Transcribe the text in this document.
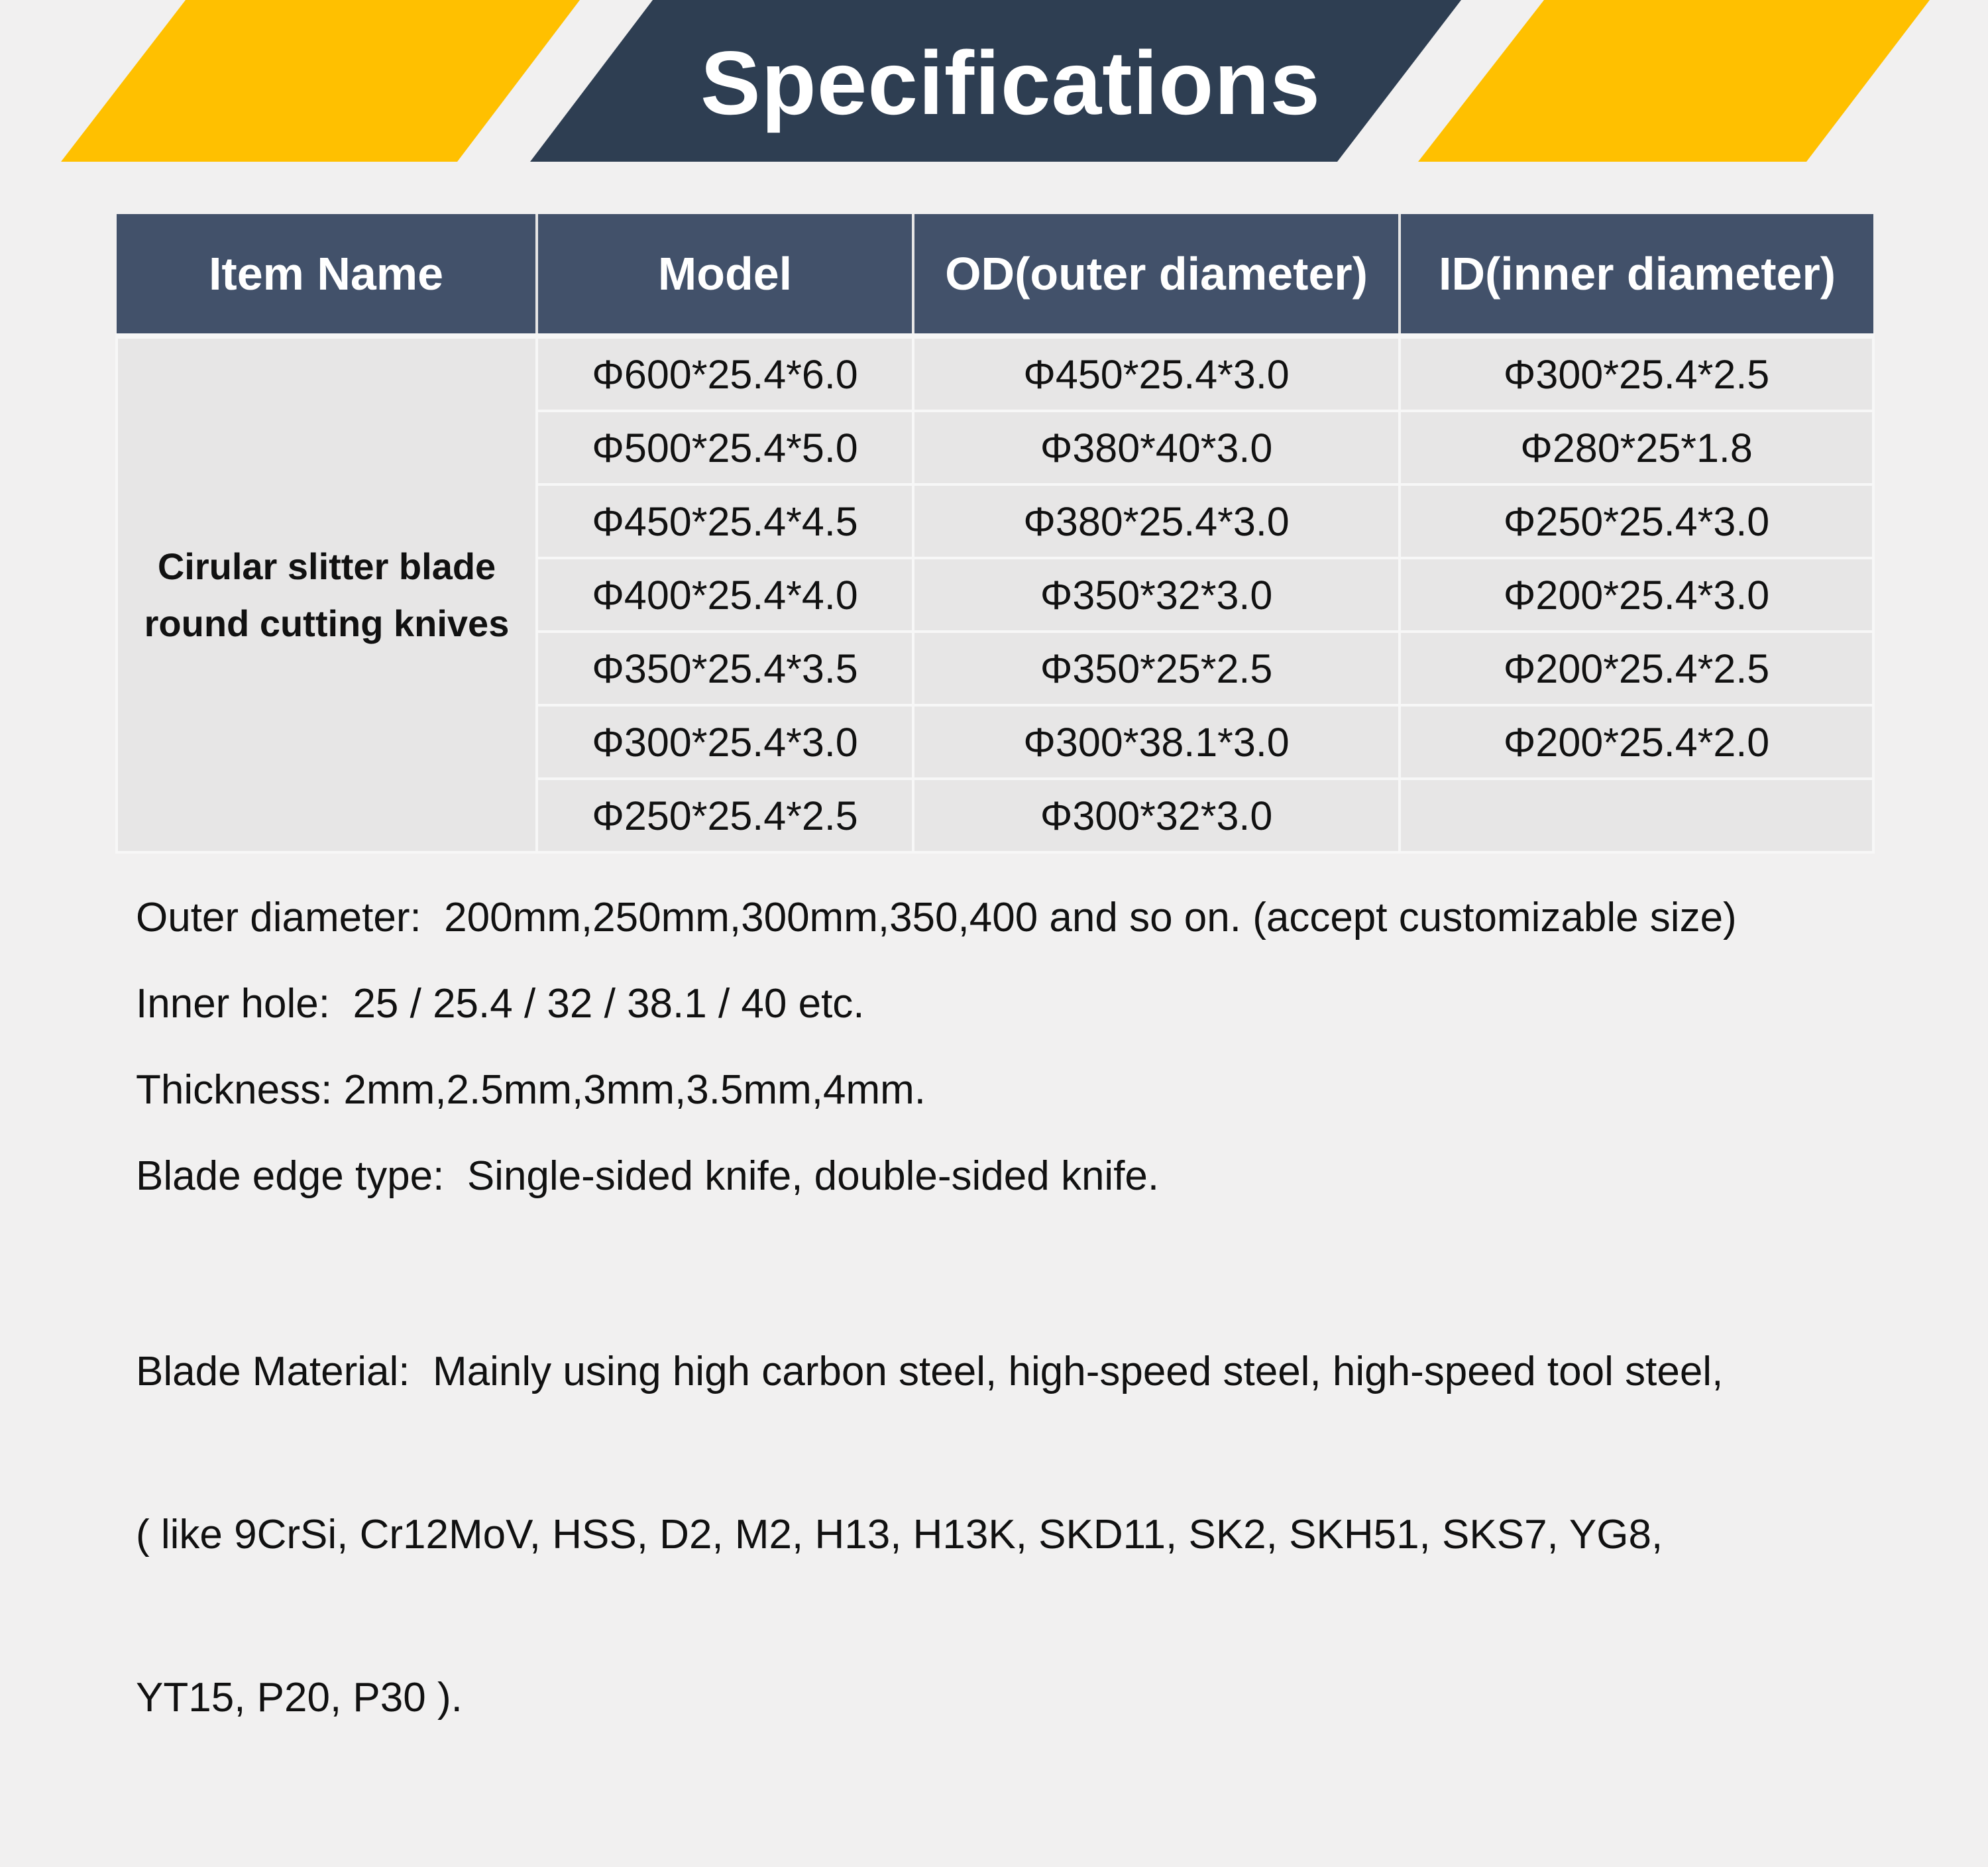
Specifications
Item Name	Model	OD(outer diameter)	ID(inner diameter)

Cirular slitter blade
round cutting knives	Φ600*25.4*6.0	Φ450*25.4*3.0	Φ300*25.4*2.5
	Φ500*25.4*5.0	Φ380*40*3.0	Φ280*25*1.8
	Φ450*25.4*4.5	Φ380*25.4*3.0	Φ250*25.4*3.0
	Φ400*25.4*4.0	Φ350*32*3.0	Φ200*25.4*3.0
	Φ350*25.4*3.5	Φ350*25*2.5	Φ200*25.4*2.5
	Φ300*25.4*3.0	Φ300*38.1*3.0	Φ200*25.4*2.0
	Φ250*25.4*2.5	Φ300*32*3.0	
Outer diameter:  200mm,250mm,300mm,350,400 and so on. (accept customizable size)
Inner hole:  25 / 25.4 / 32 / 38.1 / 40 etc.
Thickness: 2mm,2.5mm,3mm,3.5mm,4mm.
Blade edge type:  Single-sided knife, double-sided knife.

Blade Material:  Mainly using high carbon steel, high-speed steel, high-speed tool steel,

( like 9CrSi, Cr12MoV, HSS, D2, M2, H13, H13K, SKD11, SK2, SKH51, SKS7, YG8,

YT15, P20, P30 ).
